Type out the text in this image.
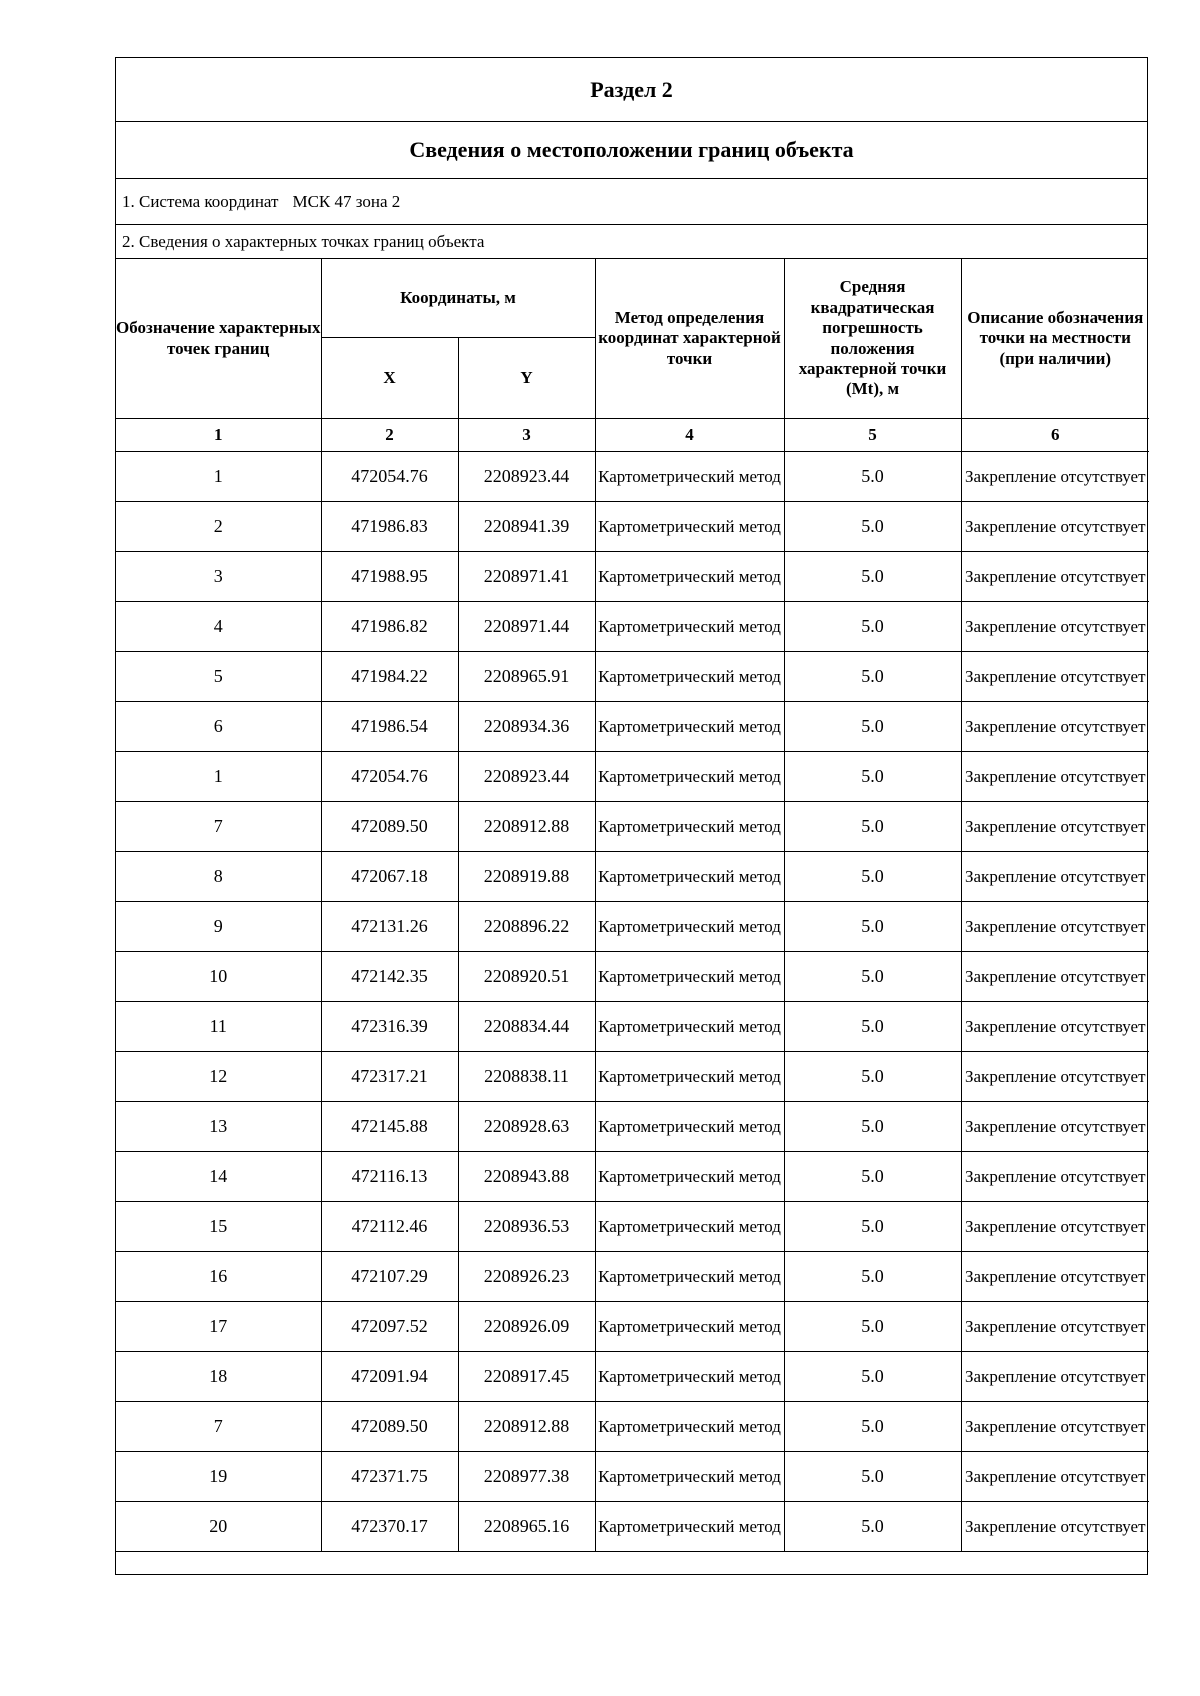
Раздел 2
Сведения о местоположении границ объекта
1. Система координат МСК 47 зона 2
2. Сведения о характерных точках границ объекта
Обозначение характерных точек границ	Координаты, м		Метод определения координат характерной точки	Средняя квадратическая погрешность положения характерной точки (Mt), м	Описание обозначения точки на местности (при наличии)
	X	Y			
1	2	3	4	5	6
1	472054.76	2208923.44	Картометрический метод	5.0	Закрепление отсутствует
2	471986.83	2208941.39	Картометрический метод	5.0	Закрепление отсутствует
3	471988.95	2208971.41	Картометрический метод	5.0	Закрепление отсутствует
4	471986.82	2208971.44	Картометрический метод	5.0	Закрепление отсутствует
5	471984.22	2208965.91	Картометрический метод	5.0	Закрепление отсутствует
6	471986.54	2208934.36	Картометрический метод	5.0	Закрепление отсутствует
1	472054.76	2208923.44	Картометрический метод	5.0	Закрепление отсутствует
7	472089.50	2208912.88	Картометрический метод	5.0	Закрепление отсутствует
8	472067.18	2208919.88	Картометрический метод	5.0	Закрепление отсутствует
9	472131.26	2208896.22	Картометрический метод	5.0	Закрепление отсутствует
10	472142.35	2208920.51	Картометрический метод	5.0	Закрепление отсутствует
11	472316.39	2208834.44	Картометрический метод	5.0	Закрепление отсутствует
12	472317.21	2208838.11	Картометрический метод	5.0	Закрепление отсутствует
13	472145.88	2208928.63	Картометрический метод	5.0	Закрепление отсутствует
14	472116.13	2208943.88	Картометрический метод	5.0	Закрепление отсутствует
15	472112.46	2208936.53	Картометрический метод	5.0	Закрепление отсутствует
16	472107.29	2208926.23	Картометрический метод	5.0	Закрепление отсутствует
17	472097.52	2208926.09	Картометрический метод	5.0	Закрепление отсутствует
18	472091.94	2208917.45	Картометрический метод	5.0	Закрепление отсутствует
7	472089.50	2208912.88	Картометрический метод	5.0	Закрепление отсутствует
19	472371.75	2208977.38	Картометрический метод	5.0	Закрепление отсутствует
20	472370.17	2208965.16	Картометрический метод	5.0	Закрепление отсутствует
